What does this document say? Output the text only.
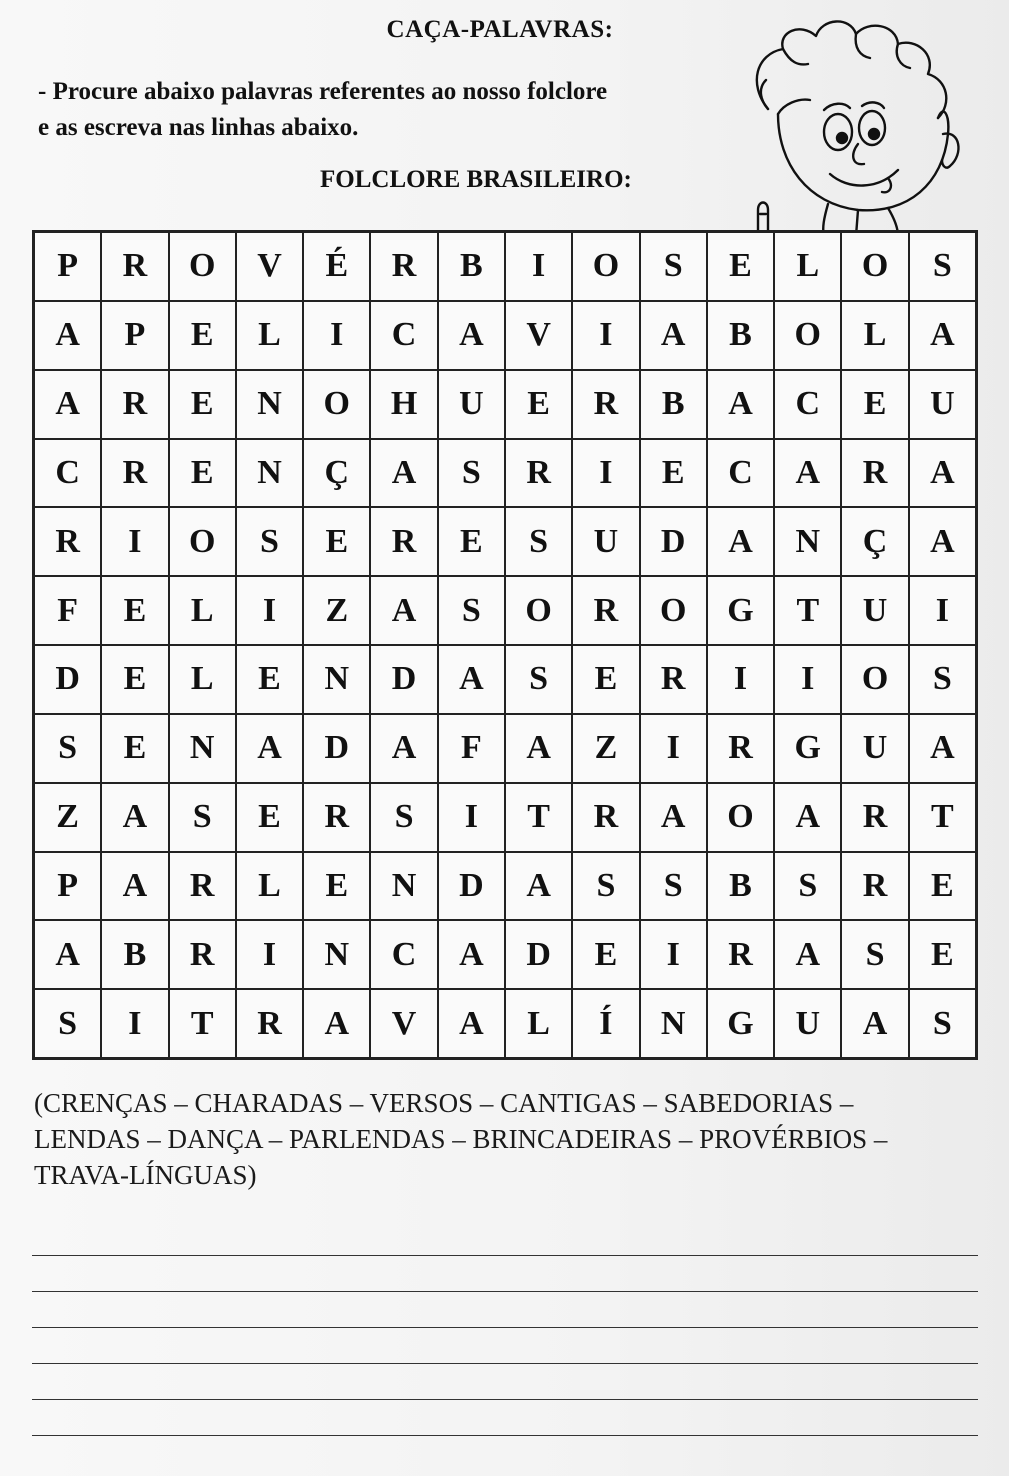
CAÇA-PALAVRAS:
- Procure abaixo palavras referentes ao nosso folclore
e as escreva nas linhas abaixo.
FOLCLORE BRASILEIRO:
P	R	O	V	É	R	B	I	O	S	E	L	O	S
A	P	E	L	I	C	A	V	I	A	B	O	L	A
A	R	E	N	O	H	U	E	R	B	A	C	E	U
C	R	E	N	Ç	A	S	R	I	E	C	A	R	A
R	I	O	S	E	R	E	S	U	D	A	N	Ç	A
F	E	L	I	Z	A	S	O	R	O	G	T	U	I
D	E	L	E	N	D	A	S	E	R	I	I	O	S
S	E	N	A	D	A	F	A	Z	I	R	G	U	A
Z	A	S	E	R	S	I	T	R	A	O	A	R	T
P	A	R	L	E	N	D	A	S	S	B	S	R	E
A	B	R	I	N	C	A	D	E	I	R	A	S	E
S	I	T	R	A	V	A	L	Í	N	G	U	A	S
(CRENÇAS – CHARADAS – VERSOS – CANTIGAS – SABEDORIAS –
LENDAS – DANÇA – PARLENDAS – BRINCADEIRAS – PROVÉRBIOS –
TRAVA-LÍNGUAS)
